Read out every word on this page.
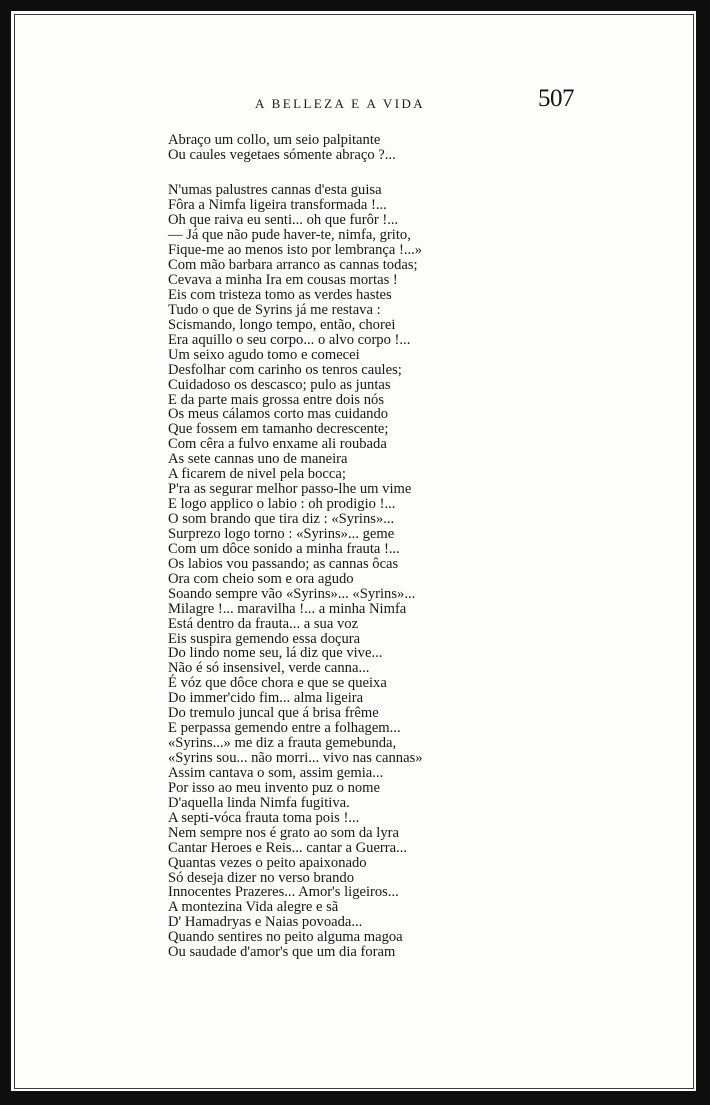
A BELLEZA E A VIDA	507
Abraço um collo, um seio palpitante
Ou caules vegetaes sómente abraço ?...
N'umas palustres cannas d'esta guisa
Fôra a Nimfa ligeira transformada !...
Oh que raiva eu senti... oh que furôr !...
— Já que não pude haver-te, nimfa, grito,
Fique-me ao menos isto por lembrança !...»
Com mão barbara arranco as cannas todas;
Cevava a minha Ira em cousas mortas !
Eis com tristeza tomo as verdes hastes
Tudo o que de Syrins já me restava :
Scismando, longo tempo, então, chorei
Era aquillo o seu corpo... o alvo corpo !...
Um seixo agudo tomo e comecei
Desfolhar com carinho os tenros caules;
Cuidadoso os descasco; pulo as juntas
E da parte mais grossa entre dois nós
Os meus cálamos corto mas cuidando
Que fossem em tamanho decrescente;
Com cêra a fulvo enxame ali roubada
As sete cannas uno de maneira
A ficarem de nivel pela bocca;
P'ra as segurar melhor passo-lhe um vime
E logo applico o labio : oh prodigio !...
O som brando que tira diz : «Syrins»...
Surprezo logo torno : «Syrins»... geme
Com um dôce sonido a minha frauta !...
Os labios vou passando; as cannas ôcas
Ora com cheio som e ora agudo
Soando sempre vão «Syrins»... «Syrins»...
Milagre !... maravilha !... a minha Nimfa
Está dentro da frauta... a sua voz
Eis suspira gemendo essa doçura
Do lindo nome seu, lá diz que vive...
Não é só insensivel, verde canna...
É vóz que dôce chora e que se queixa
Do immer'cido fim... alma ligeira
Do tremulo juncal que á brisa frême
E perpassa gemendo entre a folhagem...
«Syrins...» me diz a frauta gemebunda,
«Syrins sou... não morri... vivo nas cannas»
Assim cantava o som, assim gemia...
Por isso ao meu invento puz o nome
D'aquella linda Nimfa fugitiva.
A septi-vóca frauta toma pois !...
Nem sempre nos é grato ao som da lyra
Cantar Heroes e Reis... cantar a Guerra...
Quantas vezes o peito apaixonado
Só deseja dizer no verso brando
Innocentes Prazeres... Amor's ligeiros...
A montezina Vida alegre e sã
D' Hamadryas e Naias povoada...
Quando sentires no peito alguma magoa
Ou saudade d'amor's que um dia foram
